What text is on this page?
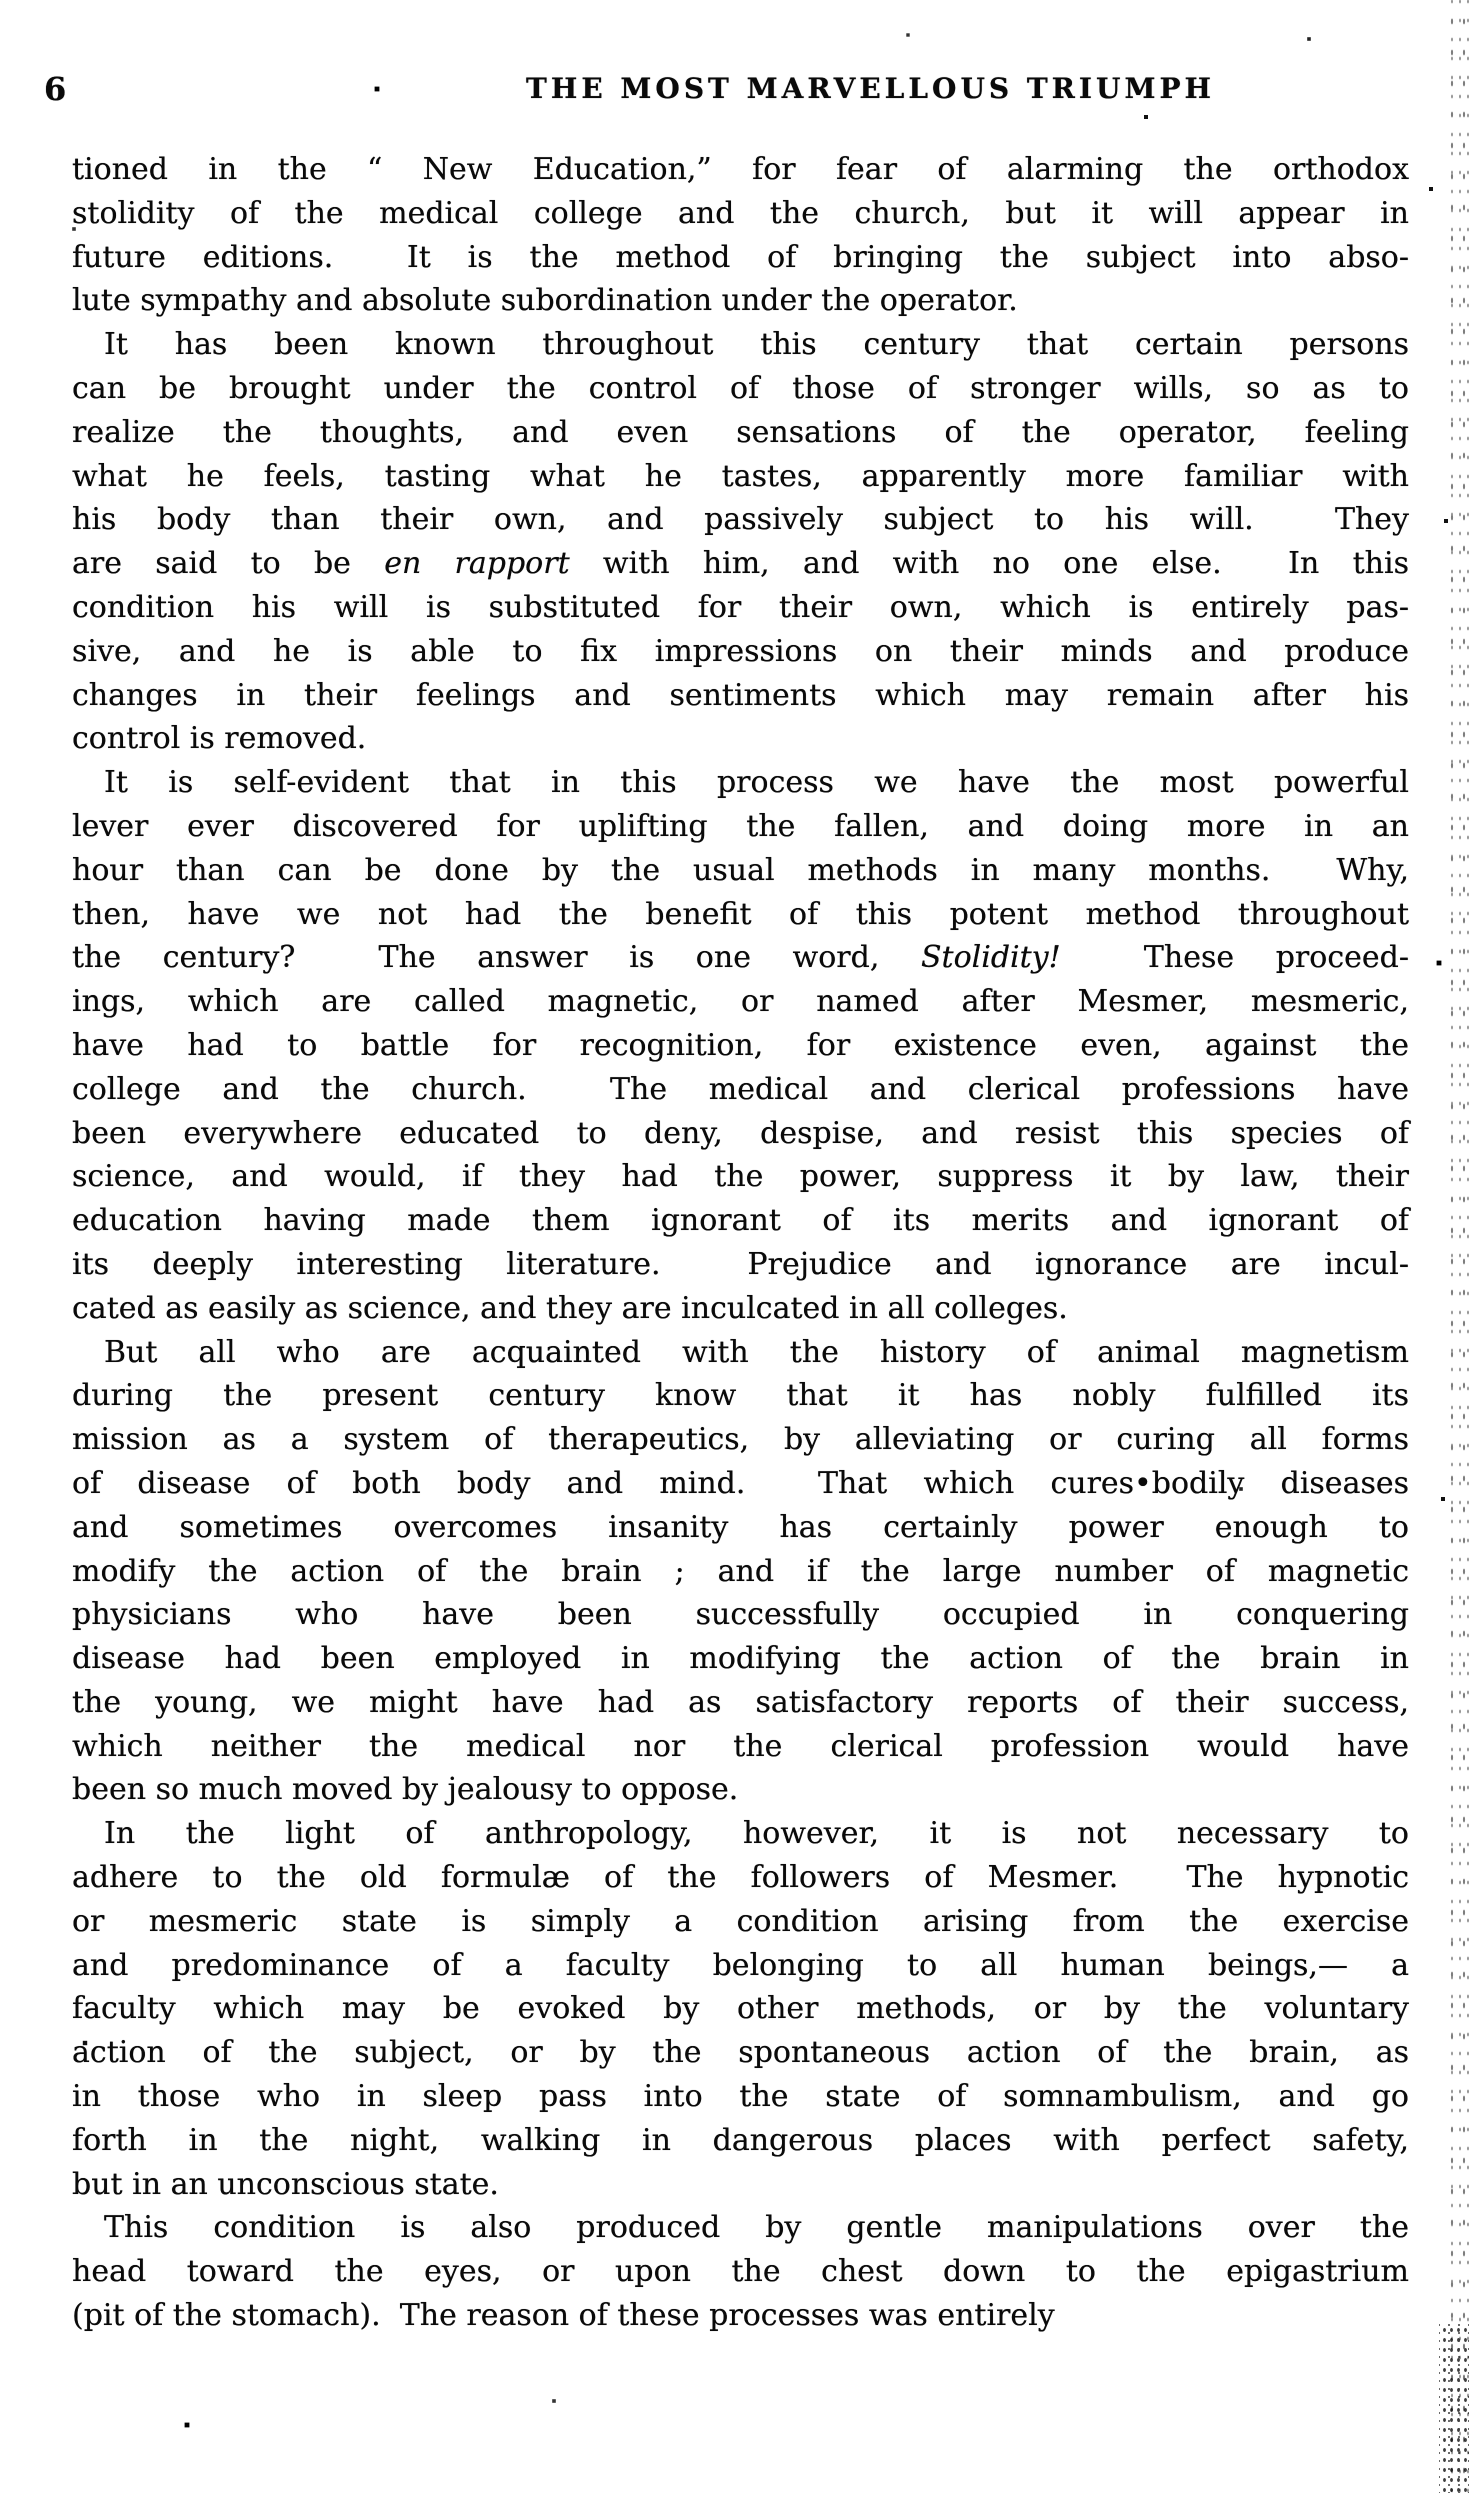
6	THE MOST MARVELLOUS TRIUMPH
tioned in the “ New Education,” for fear of alarming the orthodox
stolidity of the medical college and the church, but it will appear in
future editions.  It is the method of bringing the subject into abso-
lute sympathy and absolute subordination under the operator.
It has been known throughout this century that certain persons
can be brought under the control of those of stronger wills, so as to
realize the thoughts, and even sensations of the operator, feeling
what he feels, tasting what he tastes, apparently more familiar with
his body than their own, and passively subject to his will.  They
are said to be en rapport with him, and with no one else.  In this
condition his will is substituted for their own, which is entirely pas-
sive, and he is able to fix impressions on their minds and produce
changes in their feelings and sentiments which may remain after his
control is removed.
It is self-evident that in this process we have the most powerful
lever ever discovered for uplifting the fallen, and doing more in an
hour than can be done by the usual methods in many months.  Why,
then, have we not had the benefit of this potent method throughout
the century?  The answer is one word, Stolidity!  These proceed-
ings, which are called magnetic, or named after Mesmer, mesmeric,
have had to battle for recognition, for existence even, against the
college and the church.  The medical and clerical professions have
been everywhere educated to deny, despise, and resist this species of
science, and would, if they had the power, suppress it by law, their
education having made them ignorant of its merits and ignorant of
its deeply interesting literature.  Prejudice and ignorance are incul-
cated as easily as science, and they are inculcated in all colleges.
But all who are acquainted with the history of animal magnetism
during the present century know that it has nobly fulfilled its
mission as a system of therapeutics, by alleviating or curing all forms
of disease of both body and mind.  That which cures•bodily diseases
and sometimes overcomes insanity has certainly power enough to
modify the action of the brain ; and if the large number of magnetic
physicians who have been successfully occupied in conquering
disease had been employed in modifying the action of the brain in
the young, we might have had as satisfactory reports of their success,
which neither the medical nor the clerical profession would have
been so much moved by jealousy to oppose.
In the light of anthropology, however, it is not necessary to
adhere to the old formulæ of the followers of Mesmer.  The hypnotic
or mesmeric state is simply a condition arising from the exercise
and predominance of a faculty belonging to all human beings,— a
faculty which may be evoked by other methods, or by the voluntary
action of the subject, or by the spontaneous action of the brain, as
in those who in sleep pass into the state of somnambulism, and go
forth in the night, walking in dangerous places with perfect safety,
but in an unconscious state.
This condition is also produced by gentle manipulations over the
head toward the eyes, or upon the chest down to the epigastrium
(pit of the stomach).  The reason of these processes was entirely
